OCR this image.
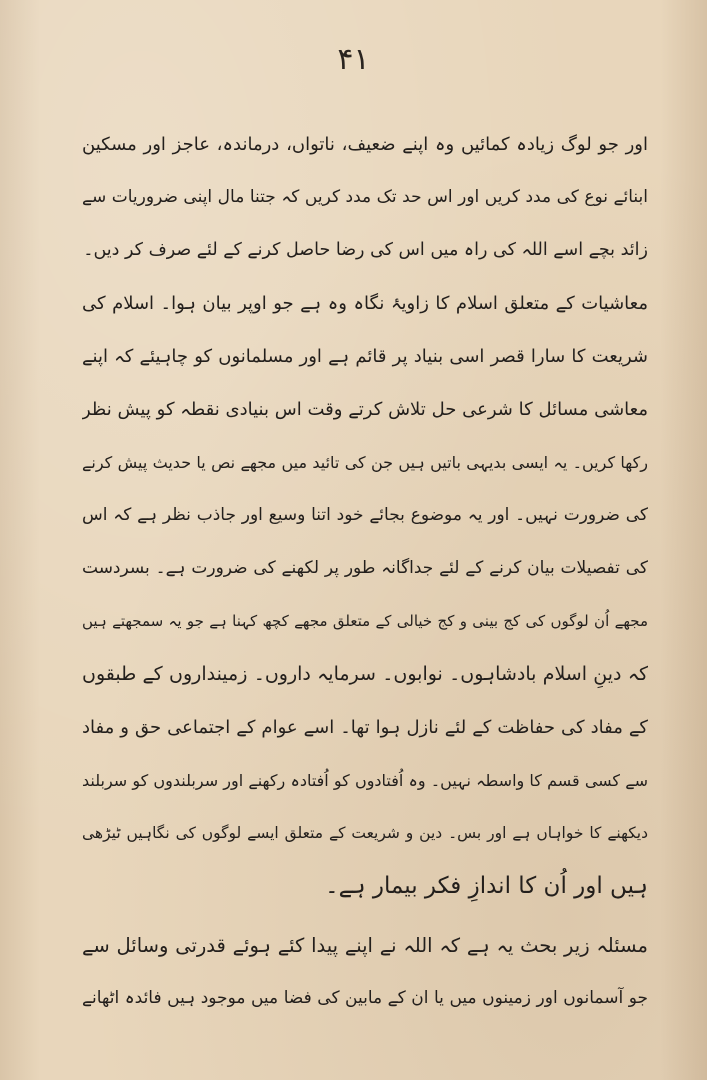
۴۱
اور جو لوگ زیادہ کمائیں وہ اپنے ضعیف، ناتواں، درماندہ، عاجز اور مسکین
ابنائے نوع کی مدد کریں اور اس حد تک مدد کریں کہ جتنا مال اپنی ضروریات سے
زائد بچے اسے اللہ کی راہ میں اس کی رضا حاصل کرنے کے لئے صرف کر دیں۔
معاشیات کے متعلق اسلام کا زاویۂ نگاہ وہ ہے جو اوپر بیان ہوا۔ اسلام کی
شریعت کا سارا قصر اسی بنیاد پر قائم ہے اور مسلمانوں کو چاہیئے کہ اپنے
معاشی مسائل کا شرعی حل تلاش کرتے وقت اس بنیادی نقطہ کو پیش نظر
رکھا کریں۔ یہ ایسی بدیہی باتیں ہیں جن کی تائید میں مجھے نص یا حدیث پیش کرنے
کی ضرورت نہیں۔ اور یہ موضوع بجائے خود اتنا وسیع اور جاذب نظر ہے کہ اس
کی تفصیلات بیان کرنے کے لئے جداگانہ طور پر لکھنے کی ضرورت ہے۔ بسردست
مجھے اُن لوگوں کی کج بینی و کج خیالی کے متعلق مجھے کچھ کہنا ہے جو یہ سمجھتے ہیں
کہ دینِ اسلام بادشاہوں۔ نوابوں۔ سرمایہ داروں۔ زمینداروں کے طبقوں
کے مفاد کی حفاظت کے لئے نازل ہوا تھا۔ اسے عوام کے اجتماعی حق و مفاد
سے کسی قسم کا واسطہ نہیں۔ وہ اُفتادوں کو اُفتادہ رکھنے اور سربلندوں کو سربلند
دیکھنے کا خواہاں ہے اور بس۔ دین و شریعت کے متعلق ایسے لوگوں کی نگاہیں ٹیڑھی
ہیں اور اُن کا اندازِ فکر بیمار ہے۔
مسئلہ زیر بحث یہ ہے کہ اللہ نے اپنے پیدا کئے ہوئے قدرتی وسائل سے
جو آسمانوں اور زمینوں میں یا ان کے مابین کی فضا میں موجود ہیں فائدہ اٹھانے
